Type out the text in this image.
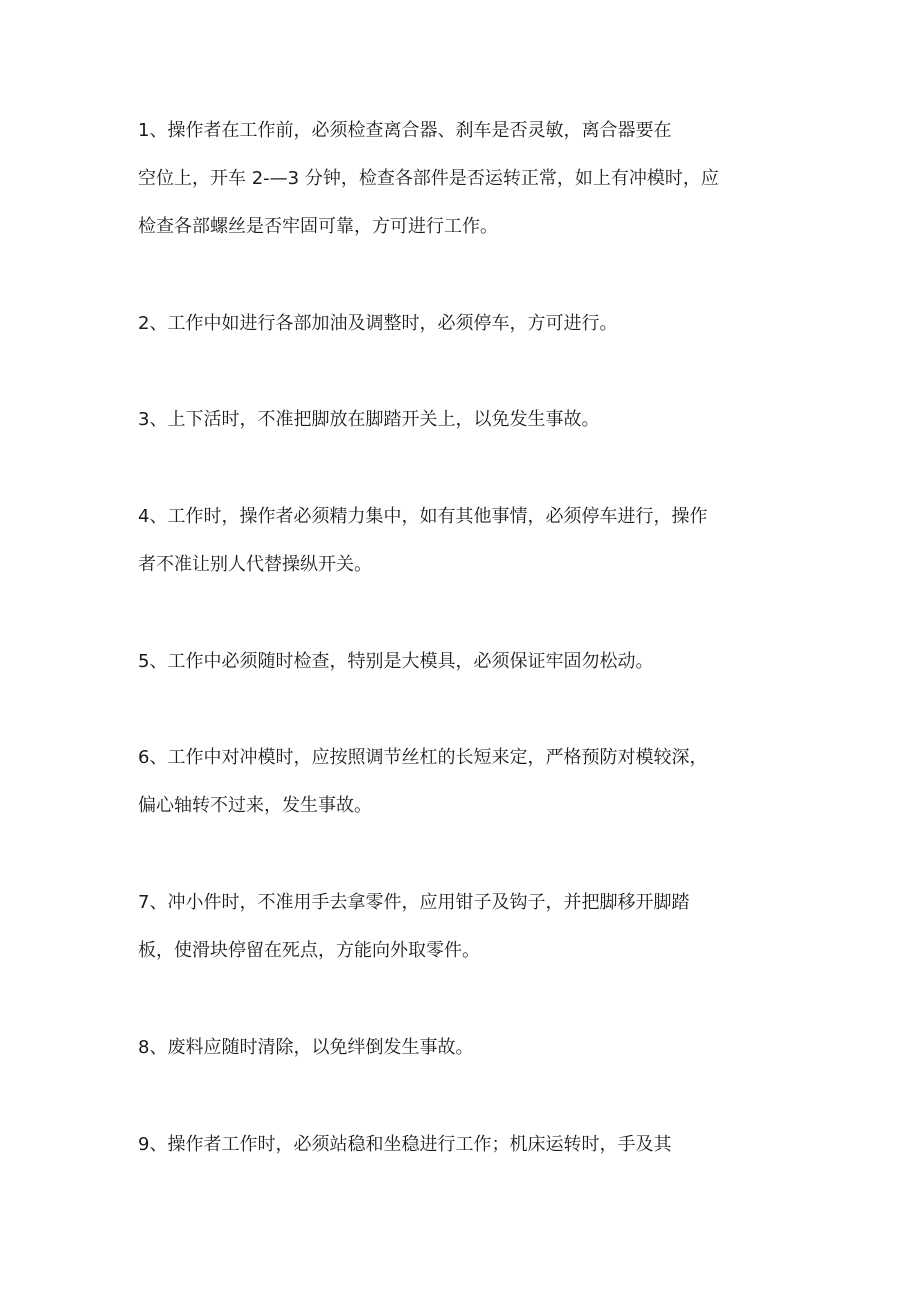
1、操作者在工作前，必须检查离合器、刹车是否灵敏，离合器要在
空位上，开车 2-—3 分钟，检查各部件是否运转正常，如上有冲模时，应
检查各部螺丝是否牢固可靠，方可进行工作。
2、工作中如进行各部加油及调整时，必须停车，方可进行。
3、上下活时，不准把脚放在脚踏开关上，以免发生事故。
4、工作时，操作者必须精力集中，如有其他事情，必须停车进行，操作
者不准让别人代替操纵开关。
5、工作中必须随时检查，特别是大模具，必须保证牢固勿松动。
6、工作中对冲模时，应按照调节丝杠的长短来定，严格预防对模较深，
偏心轴转不过来，发生事故。
7、冲小件时，不准用手去拿零件，应用钳子及钩子，并把脚移开脚踏
板，使滑块停留在死点，方能向外取零件。
8、废料应随时清除，以免绊倒发生事故。
9、操作者工作时，必须站稳和坐稳进行工作；机床运转时，手及其
